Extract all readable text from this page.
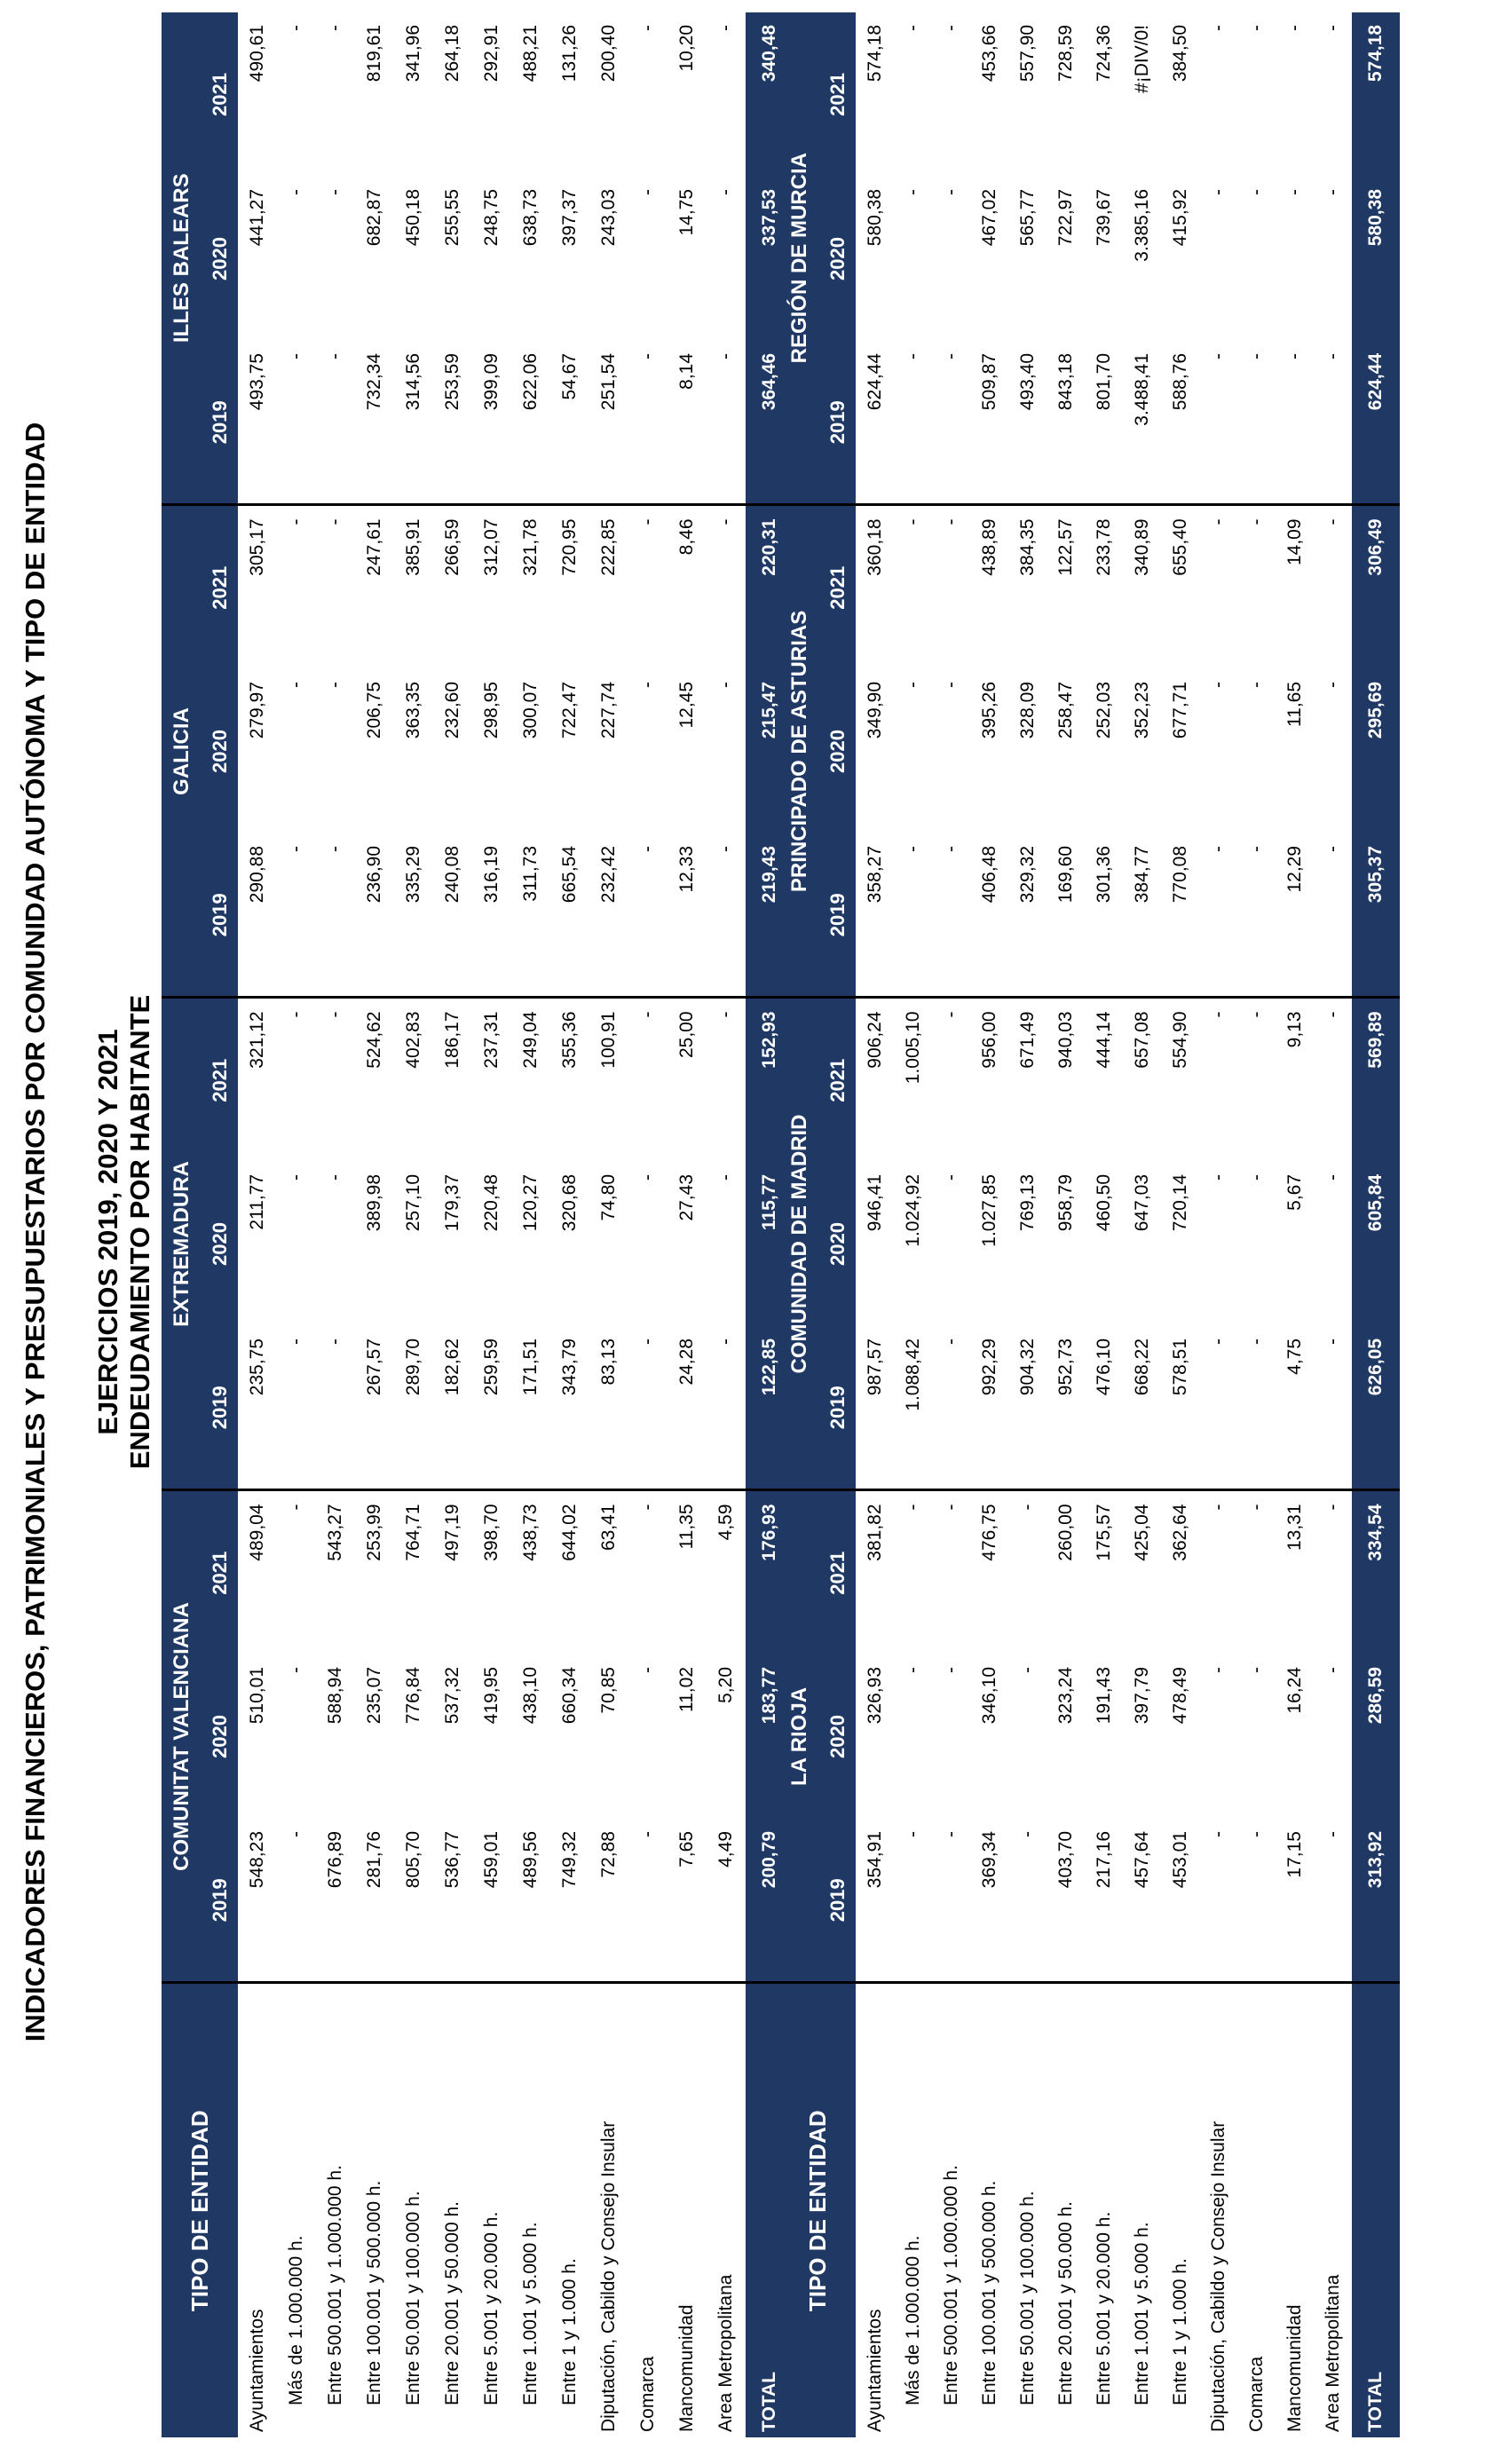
INDICADORES FINANCIEROS, PATRIMONIALES Y PRESUPUESTARIOS POR COMUNIDAD AUTÓNOMA Y TIPO DE ENTIDAD EJERCICIOS 2019, 2020 Y 2021 ENDEUDAMIENTO POR HABITANTE
TIPO DE ENTIDAD	COMUNITAT VALENCIANA			EXTREMADURA			GALICIA			ILLES BALEARS		
	2019	2020	2021	2019	2020	2021	2019	2020	2021	2019	2020	2021
Ayuntamientos	548,23	510,01	489,04	235,75	211,77	321,12	290,88	279,97	305,17	493,75	441,27	490,61
Más de 1.000.000 h.	-	-	-	-	-	-	-	-	-	-	-	-
Entre 500.001 y 1.000.000 h.	676,89	588,94	543,27	-	-	-	-	-	-	-	-	-
Entre 100.001 y 500.000 h.	281,76	235,07	253,99	267,57	389,98	524,62	236,90	206,75	247,61	732,34	682,87	819,61
Entre 50.001 y 100.000 h.	805,70	776,84	764,71	289,70	257,10	402,83	335,29	363,35	385,91	314,56	450,18	341,96
Entre 20.001 y 50.000 h.	536,77	537,32	497,19	182,62	179,37	186,17	240,08	232,60	266,59	253,59	255,55	264,18
Entre 5.001 y 20.000 h.	459,01	419,95	398,70	259,59	220,48	237,31	316,19	298,95	312,07	399,09	248,75	292,91
Entre 1.001 y 5.000 h.	489,56	438,10	438,73	171,51	120,27	249,04	311,73	300,07	321,78	622,06	638,73	488,21
Entre 1 y 1.000 h.	749,32	660,34	644,02	343,79	320,68	355,36	665,54	722,47	720,95	54,67	397,37	131,26
Diputación, Cabildo y Consejo Insular	72,88	70,85	63,41	83,13	74,80	100,91	232,42	227,74	222,85	251,54	243,03	200,40
Comarca	-	-	-	-	-	-	-	-	-	-	-	-
Mancomunidad	7,65	11,02	11,35	24,28	27,43	25,00	12,33	12,45	8,46	8,14	14,75	10,20
Area Metropolitana	4,49	5,20	4,59	-	-	-	-	-	-	-	-	-
TOTAL	200,79	183,77	176,93	122,85	115,77	152,93	219,43	215,47	220,31	364,46	337,53	340,48
TIPO DE ENTIDAD	LA RIOJA			COMUNIDAD DE MADRID			PRINCIPADO DE ASTURIAS			REGIÓN DE MURCIA		
	2019	2020	2021	2019	2020	2021	2019	2020	2021	2019	2020	2021
Ayuntamientos	354,91	326,93	381,82	987,57	946,41	906,24	358,27	349,90	360,18	624,44	580,38	574,18
Más de 1.000.000 h.	-	-	-	1.088,42	1.024,92	1.005,10	-	-	-	-	-	-
Entre 500.001 y 1.000.000 h.	-	-	-	-	-	-	-	-	-	-	-	-
Entre 100.001 y 500.000 h.	369,34	346,10	476,75	992,29	1.027,85	956,00	406,48	395,26	438,89	509,87	467,02	453,66
Entre 50.001 y 100.000 h.	-	-	-	904,32	769,13	671,49	329,32	328,09	384,35	493,40	565,77	557,90
Entre 20.001 y 50.000 h.	403,70	323,24	260,00	952,73	958,79	940,03	169,60	258,47	122,57	843,18	722,97	728,59
Entre 5.001 y 20.000 h.	217,16	191,43	175,57	476,10	460,50	444,14	301,36	252,03	233,78	801,70	739,67	724,36
Entre 1.001 y 5.000 h.	457,64	397,79	425,04	668,22	647,03	657,08	384,77	352,23	340,89	3.488,41	3.385,16	#¡DIV/0!
Entre 1 y 1.000 h.	453,01	478,49	362,64	578,51	720,14	554,90	770,08	677,71	655,40	588,76	415,92	384,50
Diputación, Cabildo y Consejo Insular	-	-	-	-	-	-	-	-	-	-	-	-
Comarca	-	-	-	-	-	-	-	-	-	-	-	-
Mancomunidad	17,15	16,24	13,31	4,75	5,67	9,13	12,29	11,65	14,09	-	-	-
Area Metropolitana	-	-	-	-	-	-	-	-	-	-	-	-
TOTAL	313,92	286,59	334,54	626,05	605,84	569,89	305,37	295,69	306,49	624,44	580,38	574,18
